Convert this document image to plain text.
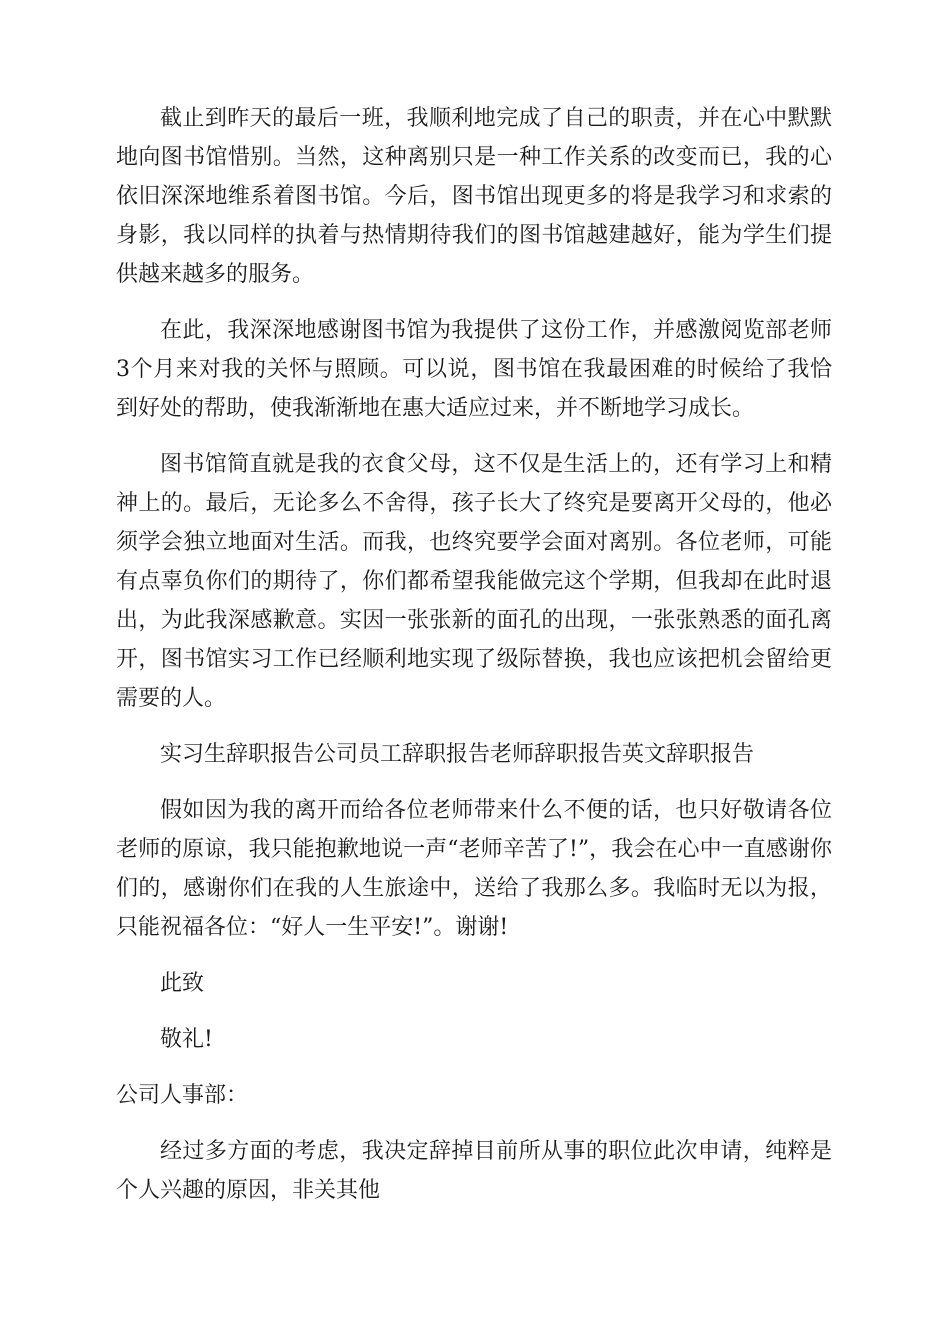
截止到昨天的最后一班，我顺利地完成了自己的职责，并在心中默默地向图书馆惜别。当然，这种离别只是一种工作关系的改变而已，我的心依旧深深地维系着图书馆。今后，图书馆出现更多的将是我学习和求索的身影，我以同样的执着与热情期待我们的图书馆越建越好，能为学生们提供越来越多的服务。

在此，我深深地感谢图书馆为我提供了这份工作，并感激阅览部老师3个月来对我的关怀与照顾。可以说，图书馆在我最困难的时候给了我恰到好处的帮助，使我渐渐地在惠大适应过来，并不断地学习成长。

图书馆简直就是我的衣食父母，这不仅是生活上的，还有学习上和精神上的。最后，无论多么不舍得，孩子长大了终究是要离开父母的，他必须学会独立地面对生活。而我，也终究要学会面对离别。各位老师，可能有点辜负你们的期待了，你们都希望我能做完这个学期，但我却在此时退出，为此我深感歉意。实因一张张新的面孔的出现，一张张熟悉的面孔离开，图书馆实习工作已经顺利地实现了级际替换，我也应该把机会留给更需要的人。

实习生辞职报告公司员工辞职报告老师辞职报告英文辞职报告

假如因为我的离开而给各位老师带来什么不便的话，也只好敬请各位老师的原谅，我只能抱歉地说一声“老师辛苦了!”，我会在心中一直感谢你们的，感谢你们在我的人生旅途中，送给了我那么多。我临时无以为报，只能祝福各位：“好人一生平安!”。谢谢!

此致

敬礼!

公司人事部：

经过多方面的考虑，我决定辞掉目前所从事的职位此次申请，纯粹是个人兴趣的原因，非关其他
